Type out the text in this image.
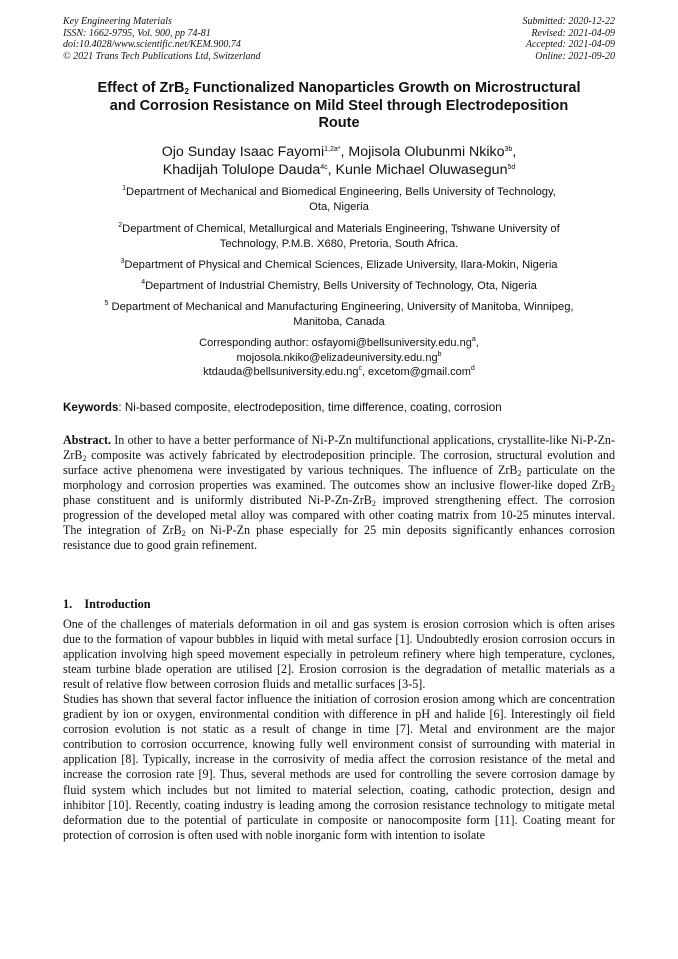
Key Engineering Materials
ISSN: 1662-9795, Vol. 900, pp 74-81
doi:10.4028/www.scientific.net/KEM.900.74
© 2021 Trans Tech Publications Ltd, Switzerland
Submitted: 2020-12-22
Revised: 2021-04-09
Accepted: 2021-04-09
Online: 2021-09-20
Effect of ZrB$_2$ Functionalized Nanoparticles Growth on Microstructural
and Corrosion Resistance on Mild Steel through Electrodeposition
Route
Ojo Sunday Isaac Fayomi$^{1,2a*}$, Mojisola Olubunmi Nkiko$^{3b}$,
Khadijah Tolulope Dauda$^{4c}$, Kunle Michael Oluwasegun$^{5d}$
$^1$Department of Mechanical and Biomedical Engineering, Bells University of Technology,
Ota, Nigeria
$^2$Department of Chemical, Metallurgical and Materials Engineering, Tshwane University of
Technology, P.M.B. X680, Pretoria, South Africa.
$^3$Department of Physical and Chemical Sciences, Elizade University, Ilara-Mokin, Nigeria
$^4$Department of Industrial Chemistry, Bells University of Technology, Ota, Nigeria
$^5$ Department of Mechanical and Manufacturing Engineering, University of Manitoba, Winnipeg,
Manitoba, Canada
Corresponding author: $osfayomi@bellsuniversity.edu.ng^a$,
$mojosola.nkiko@elizadeuniversity.edu.ng^b$
$ktdauda@bellsuniversity.edu.ng^c$, excetom@gmail.com$^d$
Keywords: Ni-based composite, electrodeposition, time difference, coating, corrosion
Abstract. In other to have a better performance of Ni-P-Zn multifunctional applications, crystallite-like Ni-P-Zn-ZrB$_2$ composite was actively fabricated by electrodeposition principle. The corrosion, structural evolution and surface active phenomena were investigated by various techniques. The influence of ZrB$_2$ particulate on the morphology and corrosion properties was examined. The outcomes show an inclusive flower-like doped ZrB$_2$ phase constituent and is uniformly distributed Ni-P-Zn-ZrB$_2$ improved strengthening effect. The corrosion progression of the developed metal alloy was compared with other coating matrix from 10-25 minutes interval. The integration of ZrB$_2$ on Ni-P-Zn phase especially for 25 min deposits significantly enhances corrosion resistance due to good grain refinement.
1. Introduction

One of the challenges of materials deformation in oil and gas system is erosion corrosion which is often arises due to the formation of vapour bubbles in liquid with metal surface [1]. Undoubtedly erosion corrosion occurs in application involving high speed movement especially in petroleum refinery where high temperature, cyclones, steam turbine blade operation are utilised [2]. Erosion corrosion is the degradation of metallic materials as a result of relative flow between corrosion fluids and metallic surfaces [3-5].

Studies has shown that several factor influence the initiation of corrosion erosion among which are concentration gradient by ion or oxygen, environmental condition with difference in pH and halide [6]. Interestingly oil field corrosion evolution is not static as a result of change in time [7]. Metal and environment are the major contribution to corrosion occurrence, knowing fully well environment consist of surrounding with material in application [8]. Typically, increase in the corrosivity of media affect the corrosion resistance of the metal and increase the corrosion rate [9]. Thus, several methods are used for controlling the severe corrosion damage by fluid system which includes but not limited to material selection, coating, cathodic protection, design and inhibitor [10]. Recently, coating industry is leading among the corrosion resistance technology to mitigate metal deformation due to the potential of particulate in composite or nanocomposite form [11]. Coating meant for protection of corrosion is often used with noble inorganic form with intention to isolate
